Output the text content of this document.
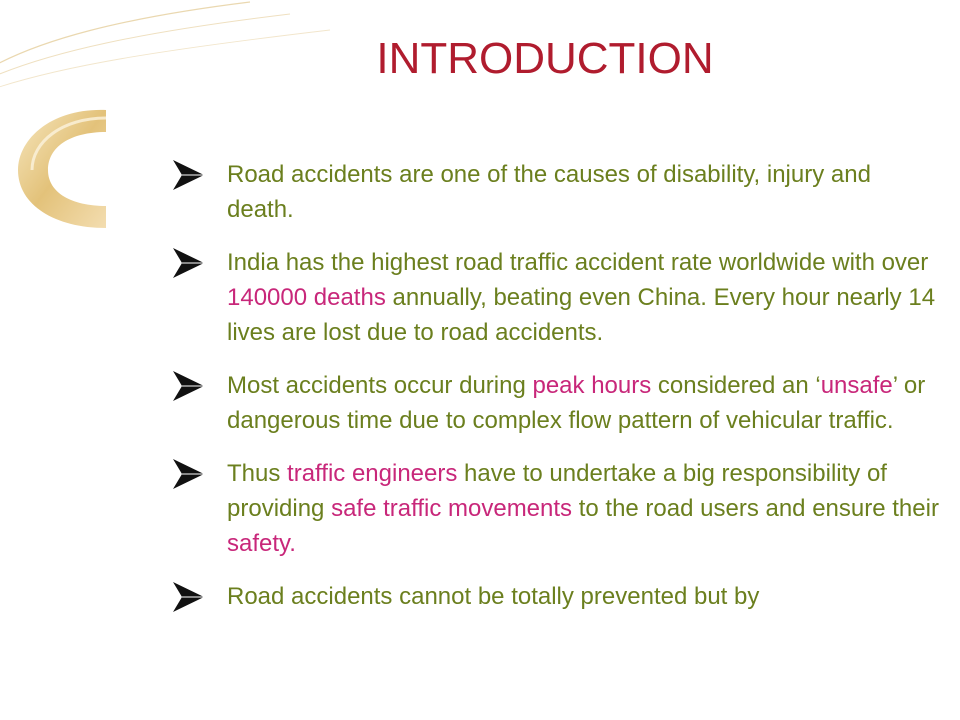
INTRODUCTION
Road accidents are one of the causes of disability, injury and death.
India has the highest road traffic accident rate worldwide with over 140000 deaths annually, beating even China. Every hour nearly 14 lives are lost due to road accidents.
Most accidents occur during peak hours considered an ‘unsafe’ or dangerous time due to complex flow pattern of vehicular traffic.
Thus traffic engineers have to undertake a big responsibility of providing safe traffic movements to the road users and ensure their safety.
Road accidents cannot be totally prevented but by
